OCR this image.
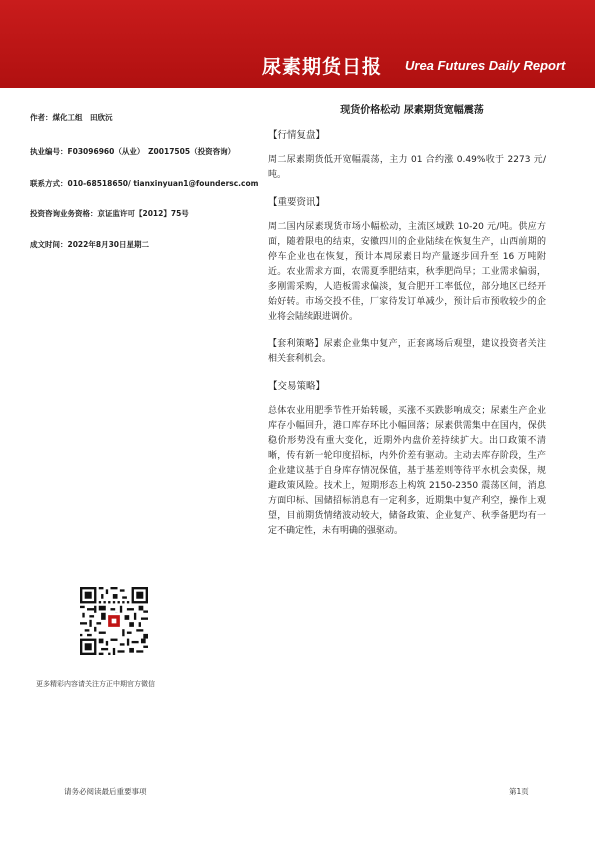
尿素期货日报 Urea Futures Daily Report
作者：煤化工组　田欣沅
执业编号：F03096960（从业）　Z0017505（投资咨询）
联系方式：010-68518650/ tianxinyuan1@foundersc.com
投资咨询业务资格：京证监许可【2012】75号
成文时间：2022年8月30日星期二
更多精彩内容请关注方正中期官方微信
现货价格松动 尿素期货宽幅震荡
【行情复盘】
周二尿素期货低开宽幅震荡，主力 01 合约涨 0.49%收于 2273 元/吨。
【重要资讯】
周二国内尿素现货市场小幅松动，主流区域跌 10-20 元/吨。供应方面，随着限电的结束，安徽四川的企业陆续在恢复生产，山西前期的停车企业也在恢复，预计本周尿素日均产量逐步回升至 16 万吨附近。农业需求方面，农需夏季肥结束，秋季肥尚早；工业需求偏弱，多刚需采购，人造板需求偏淡，复合肥开工率低位，部分地区已经开始好转。市场交投不佳，厂家待发订单减少，预计后市预收较少的企业将会陆续跟进调价。
【套利策略】尿素企业集中复产，正套离场后观望，建议投资者关注相关套利机会。
【交易策略】
总体农业用肥季节性开始转暖，买涨不买跌影响成交；尿素生产企业库存小幅回升，港口库存环比小幅回落；尿素供需集中在国内，保供稳价形势没有重大变化，近期外内盘价差持续扩大。出口政策不清晰，传有新一轮印度招标，内外价差有驱动。主动去库存阶段，生产企业建议基于自身库存情况保值，基于基差则等待平水机会卖保，规避政策风险。技术上，短期形态上构筑 2150-2350 震荡区间，消息方面印标、国储招标消息有一定利多，近期集中复产利空，操作上观望，目前期货情绪波动较大，储备政策、企业复产、秋季备肥均有一定不确定性，未有明确的强驱动。
请务必阅读最后重要事项	第1页
